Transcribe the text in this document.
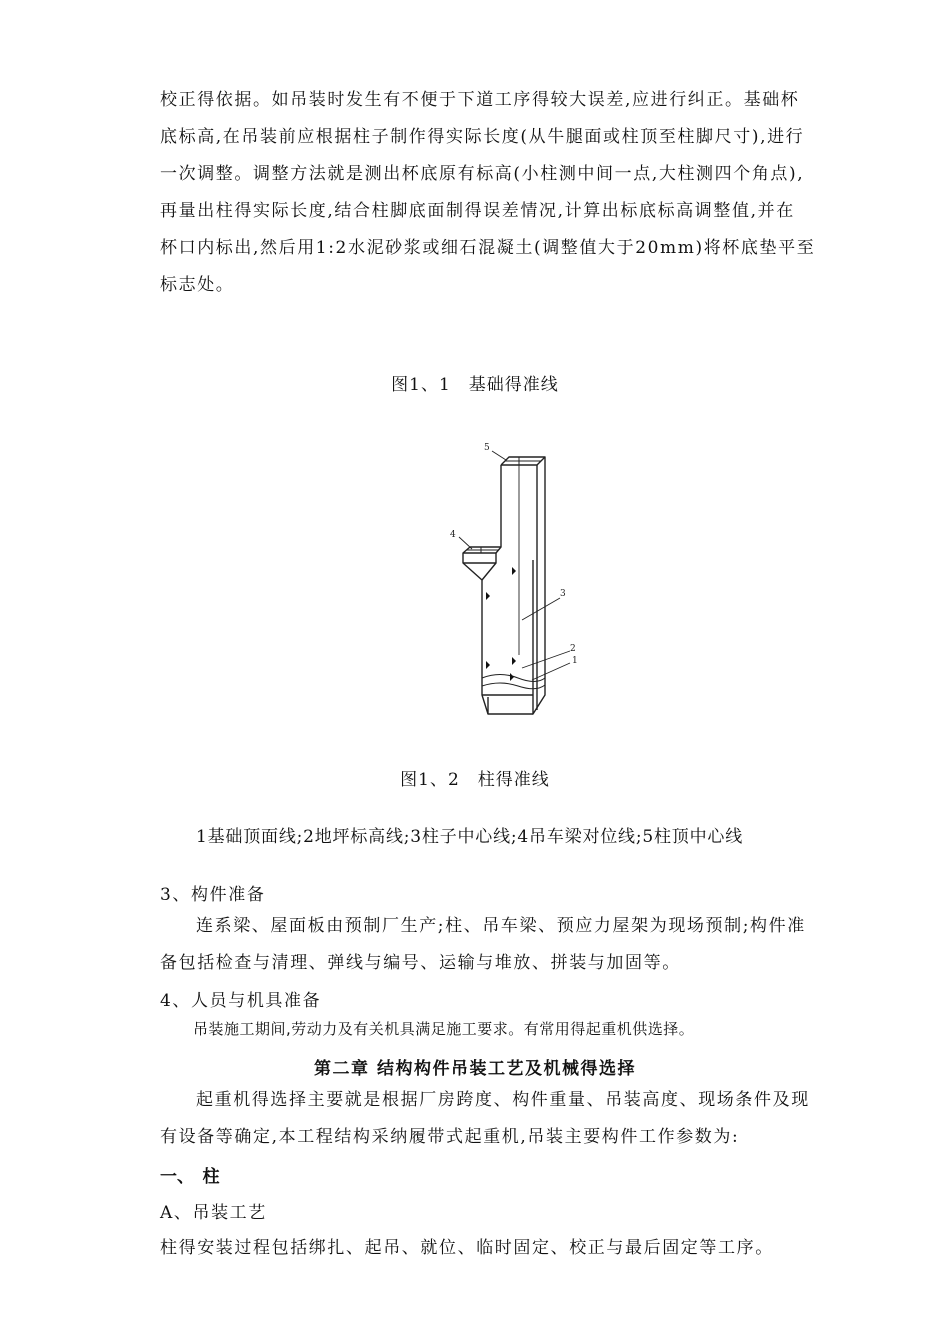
校正得依据。如吊装时发生有不便于下道工序得较大误差,应进行纠正。基础杯
底标高,在吊装前应根据柱子制作得实际长度(从牛腿面或柱顶至柱脚尺寸),进行
一次调整。调整方法就是测出杯底原有标高(小柱测中间一点,大柱测四个角点),
再量出柱得实际长度,结合柱脚底面制得误差情况,计算出标底标高调整值,并在
杯口内标出,然后用1:2水泥砂浆或细石混凝土(调整值大于20mm)将杯底垫平至
标志处。
图1、1　基础得准线
5
4
3
2
1
图1、2　柱得准线
1基础顶面线;2地坪标高线;3柱子中心线;4吊车梁对位线;5柱顶中心线
3、构件准备
连系梁、屋面板由预制厂生产;柱、吊车梁、预应力屋架为现场预制;构件准
备包括检查与清理、弹线与编号、运输与堆放、拼装与加固等。
4、人员与机具准备
吊装施工期间,劳动力及有关机具满足施工要求。有常用得起重机供选择。
第二章 结构构件吊装工艺及机械得选择
起重机得选择主要就是根据厂房跨度、构件重量、吊装高度、现场条件及现
有设备等确定,本工程结构采纳履带式起重机,吊装主要构件工作参数为:
一、　柱
A、吊装工艺
柱得安装过程包括绑扎、起吊、就位、临时固定、校正与最后固定等工序。
